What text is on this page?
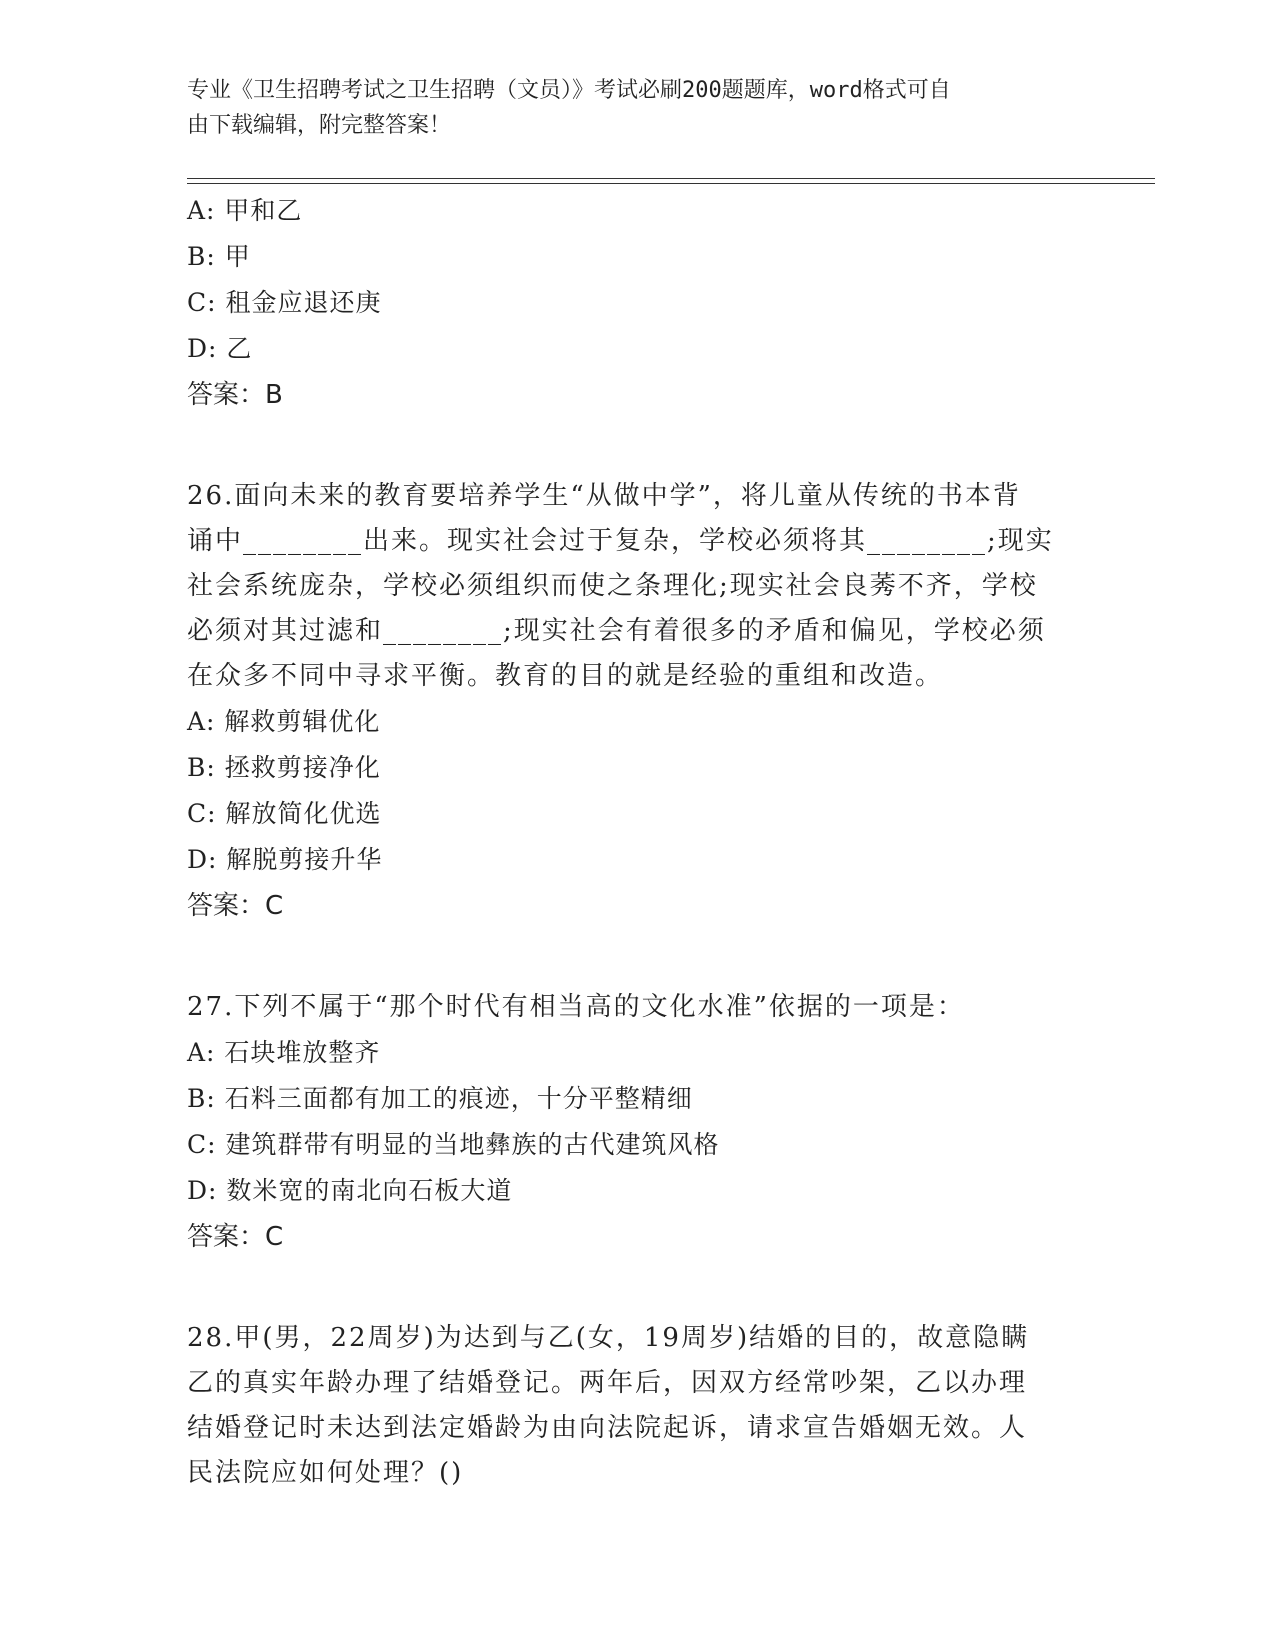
专业《卫生招聘考试之卫生招聘（文员）》考试必刷200题题库，word格式可自
由下载编辑，附完整答案！
A: 甲和乙
B: 甲
C: 租金应退还庚
D: 乙
答案：B
26.面向未来的教育要培养学生“从做中学”，将儿童从传统的书本背
诵中________出来。现实社会过于复杂，学校必须将其________;现实
社会系统庞杂，学校必须组织而使之条理化;现实社会良莠不齐，学校
必须对其过滤和________;现实社会有着很多的矛盾和偏见，学校必须
在众多不同中寻求平衡。教育的目的就是经验的重组和改造。
A: 解救剪辑优化
B: 拯救剪接净化
C: 解放简化优选
D: 解脱剪接升华
答案：C
27.下列不属于“那个时代有相当高的文化水准”依据的一项是：
A: 石块堆放整齐
B: 石料三面都有加工的痕迹，十分平整精细
C: 建筑群带有明显的当地彝族的古代建筑风格
D: 数米宽的南北向石板大道
答案：C
28.甲(男，22周岁)为达到与乙(女，19周岁)结婚的目的，故意隐瞒
乙的真实年龄办理了结婚登记。两年后，因双方经常吵架，乙以办理
结婚登记时未达到法定婚龄为由向法院起诉，请求宣告婚姻无效。人
民法院应如何处理？()
